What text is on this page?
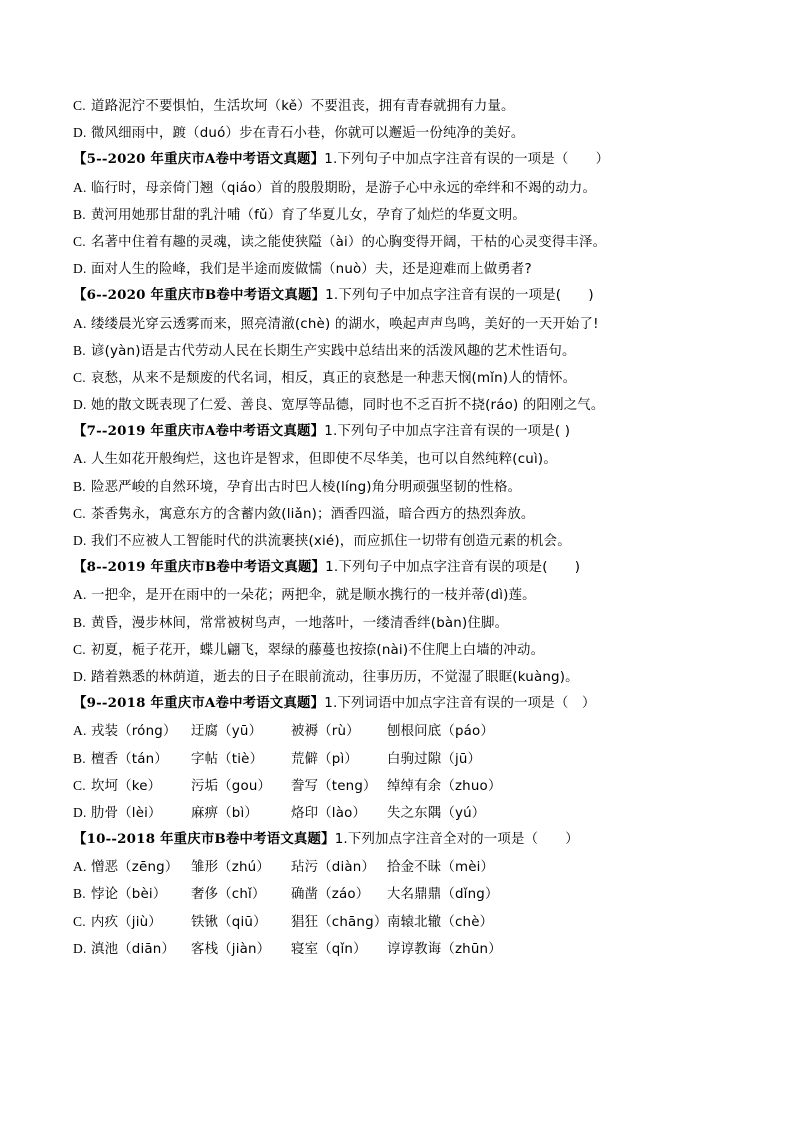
C. 道路泥泞不要惧怕，生活坎坷（kě）不要沮丧，拥有青春就拥有力量。
D. 微风细雨中，踱（duó）步在青石小巷，你就可以邂逅一份纯净的美好。
【5--2020 年重庆市A卷中考语文真题】1.下列句子中加点字注音有误的一项是（　　）
A. 临行时，母亲倚门翘（qiáo）首的殷殷期盼，是游子心中永远的牵绊和不竭的动力。
B. 黄河用她那甘甜的乳汁哺（fǔ）育了华夏儿女，孕育了灿烂的华夏文明。
C. 名著中住着有趣的灵魂，读之能使狭隘（ài）的心胸变得开阔，干枯的心灵变得丰泽。
D. 面对人生的险峰，我们是半途而废做懦（nuò）夫，还是迎难而上做勇者?
【6--2020 年重庆市B卷中考语文真题】1.下列句子中加点字注音有误的一项是(　　)
A. 缕缕晨光穿云透雾而来，照亮清澈(chè) 的湖水，唤起声声鸟鸣，美好的一天开始了!
B. 谚(yàn)语是古代劳动人民在长期生产实践中总结出来的活泼风趣的艺术性语句。
C. 哀愁，从来不是颓废的代名词，相反，真正的哀愁是一种悲天悯(mǐn)人的情怀。
D. 她的散文既表现了仁爱、善良、宽厚等品德，同时也不乏百折不挠(ráo) 的阳刚之气。
【7--2019 年重庆市A卷中考语文真题】1.下列句子中加点字注音有误的一项是( )
A. 人生如花开般绚烂，这也许是智求，但即使不尽华美，也可以自然纯粹(cuì)。
B. 险恶严峻的自然环境，孕育出古时巴人棱(líng)角分明顽强坚韧的性格。
C. 茶香隽永，寓意东方的含蓄内敛(liǎn)；酒香四溢，暗合西方的热烈奔放。
D. 我们不应被人工智能时代的洪流裹挟(xié)，而应抓住一切带有创造元素的机会。
【8--2019 年重庆市B卷中考语文真题】1.下列句子中加点字注音有误的项是(　　)
A. 一把伞，是开在雨中的一朵花；两把伞，就是顺水携行的一枝并蒂(dì)莲。
B. 黄昏，漫步林间，常常被树鸟声，一地落叶，一缕清香绊(bàn)住脚。
C. 初夏，栀子花开，蝶儿翩飞，翠绿的藤蔓也按捺(nài)不住爬上白墙的冲动。
D. 踏着熟悉的林荫道，逝去的日子在眼前流动，往事历历，不觉湿了眼眶(kuàng)。
【9--2018 年重庆市A卷中考语文真题】1.下列词语中加点字注音有误的一项是（　）
A. 戎装（róng）	迂腐（yū）	被褥（rù）	刨根问底（páo）
B. 檀香（tán）	字帖（tiè）	荒僻（pì）	白驹过隙（jū）
C. 坎坷（ke）	污垢（gou）	誊写（teng） 绰绰有余（zhuo）
D. 肋骨（lèi）	麻痹（bì）	烙印（lào）	失之东隅（yú）
【10--2018 年重庆市B卷中考语文真题】1.下列加点字注音全对的一项是（　　）
A. 憎恶（zēng） 雏形（zhú）	玷污（diàn） 拾金不昧（mèi）
B. 悖论（bèi）	奢侈（chǐ）	确凿（záo）	大名鼎鼎（dǐng）
C. 内疚（jiù）	铁锹（qiū）	猖狂（chāng） 南辕北辙（chè）
D. 滇池（diān）	客栈（jiàn）	寝室（qǐn）	谆谆教诲（zhūn）
